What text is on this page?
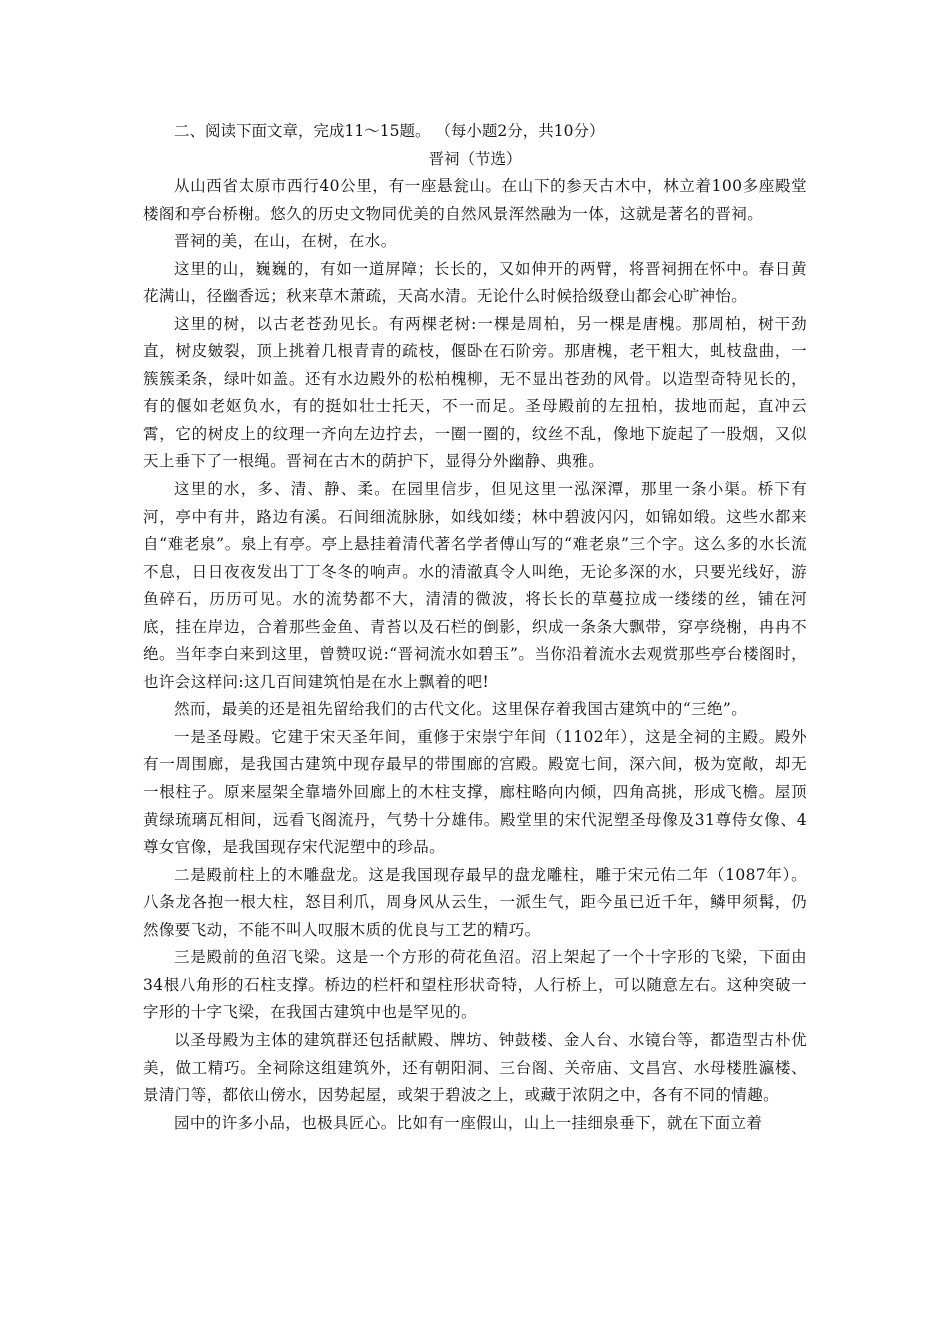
二、阅读下面文章，完成11～15题。 （每小题2分，共10分）
晋祠（节选）

从山西省太原市西行40公里，有一座悬瓮山。在山下的参天古木中，林立着100多座殿堂楼阁和亭台桥榭。悠久的历史文物同优美的自然风景浑然融为一体，这就是著名的晋祠。

晋祠的美，在山，在树，在水。

这里的山，巍巍的，有如一道屏障；长长的，又如伸开的两臂，将晋祠拥在怀中。春日黄花满山，径幽香远；秋来草木萧疏，天高水清。无论什么时候拾级登山都会心旷神怡。

这里的树，以古老苍劲见长。有两棵老树:一棵是周柏，另一棵是唐槐。那周柏，树干劲直，树皮皴裂，顶上挑着几根青青的疏枝，偃卧在石阶旁。那唐槐，老干粗大，虬枝盘曲，一簇簇柔条，绿叶如盖。还有水边殿外的松柏槐柳，无不显出苍劲的风骨。以造型奇特见长的，有的偃如老妪负水，有的挺如壮士托天，不一而足。圣母殿前的左扭柏，拔地而起，直冲云霄，它的树皮上的纹理一齐向左边拧去，一圈一圈的，纹丝不乱，像地下旋起了一股烟，又似天上垂下了一根绳。晋祠在古木的荫护下，显得分外幽静、典雅。

这里的水，多、清、静、柔。在园里信步，但见这里一泓深潭，那里一条小渠。桥下有河，亭中有井，路边有溪。石间细流脉脉，如线如缕；林中碧波闪闪，如锦如缎。这些水都来自“难老泉”。泉上有亭。亭上悬挂着清代著名学者傅山写的“难老泉”三个字。这么多的水长流不息，日日夜夜发出丁丁冬冬的响声。水的清澈真令人叫绝，无论多深的水，只要光线好，游鱼碎石，历历可见。水的流势都不大，清清的微波，将长长的草蔓拉成一缕缕的丝，铺在河底，挂在岸边，合着那些金鱼、青苔以及石栏的倒影，织成一条条大飘带，穿亭绕榭，冉冉不绝。当年李白来到这里，曾赞叹说:“晋祠流水如碧玉”。当你沿着流水去观赏那些亭台楼阁时，也许会这样问:这几百间建筑怕是在水上飘着的吧!

然而，最美的还是祖先留给我们的古代文化。这里保存着我国古建筑中的“三绝”。

一是圣母殿。它建于宋天圣年间，重修于宋崇宁年间（1102年），这是全祠的主殿。殿外有一周围廊，是我国古建筑中现存最早的带围廊的宫殿。殿宽七间，深六间，极为宽敞，却无一根柱子。原来屋架全靠墙外回廊上的木柱支撑，廊柱略向内倾，四角高挑，形成飞檐。屋顶黄绿琉璃瓦相间，远看飞阁流丹，气势十分雄伟。殿堂里的宋代泥塑圣母像及31尊侍女像、4尊女官像，是我国现存宋代泥塑中的珍品。

二是殿前柱上的木雕盘龙。这是我国现存最早的盘龙雕柱，雕于宋元佑二年（1087年）。八条龙各抱一根大柱，怒目利爪，周身风从云生，一派生气，距今虽已近千年，鳞甲须髯，仍然像要飞动，不能不叫人叹服木质的优良与工艺的精巧。

三是殿前的鱼沼飞梁。这是一个方形的荷花鱼沼。沼上架起了一个十字形的飞梁，下面由34根八角形的石柱支撑。桥边的栏杆和望柱形状奇特，人行桥上，可以随意左右。这种突破一字形的十字飞梁，在我国古建筑中也是罕见的。

以圣母殿为主体的建筑群还包括献殿、牌坊、钟鼓楼、金人台、水镜台等，都造型古朴优美，做工精巧。全祠除这组建筑外，还有朝阳洞、三台阁、关帝庙、文昌宫、水母楼胜瀛楼、景清门等，都依山傍水，因势起屋，或架于碧波之上，或藏于浓阴之中，各有不同的情趣。

园中的许多小品，也极具匠心。比如有一座假山，山上一挂细泉垂下，就在下面立着
